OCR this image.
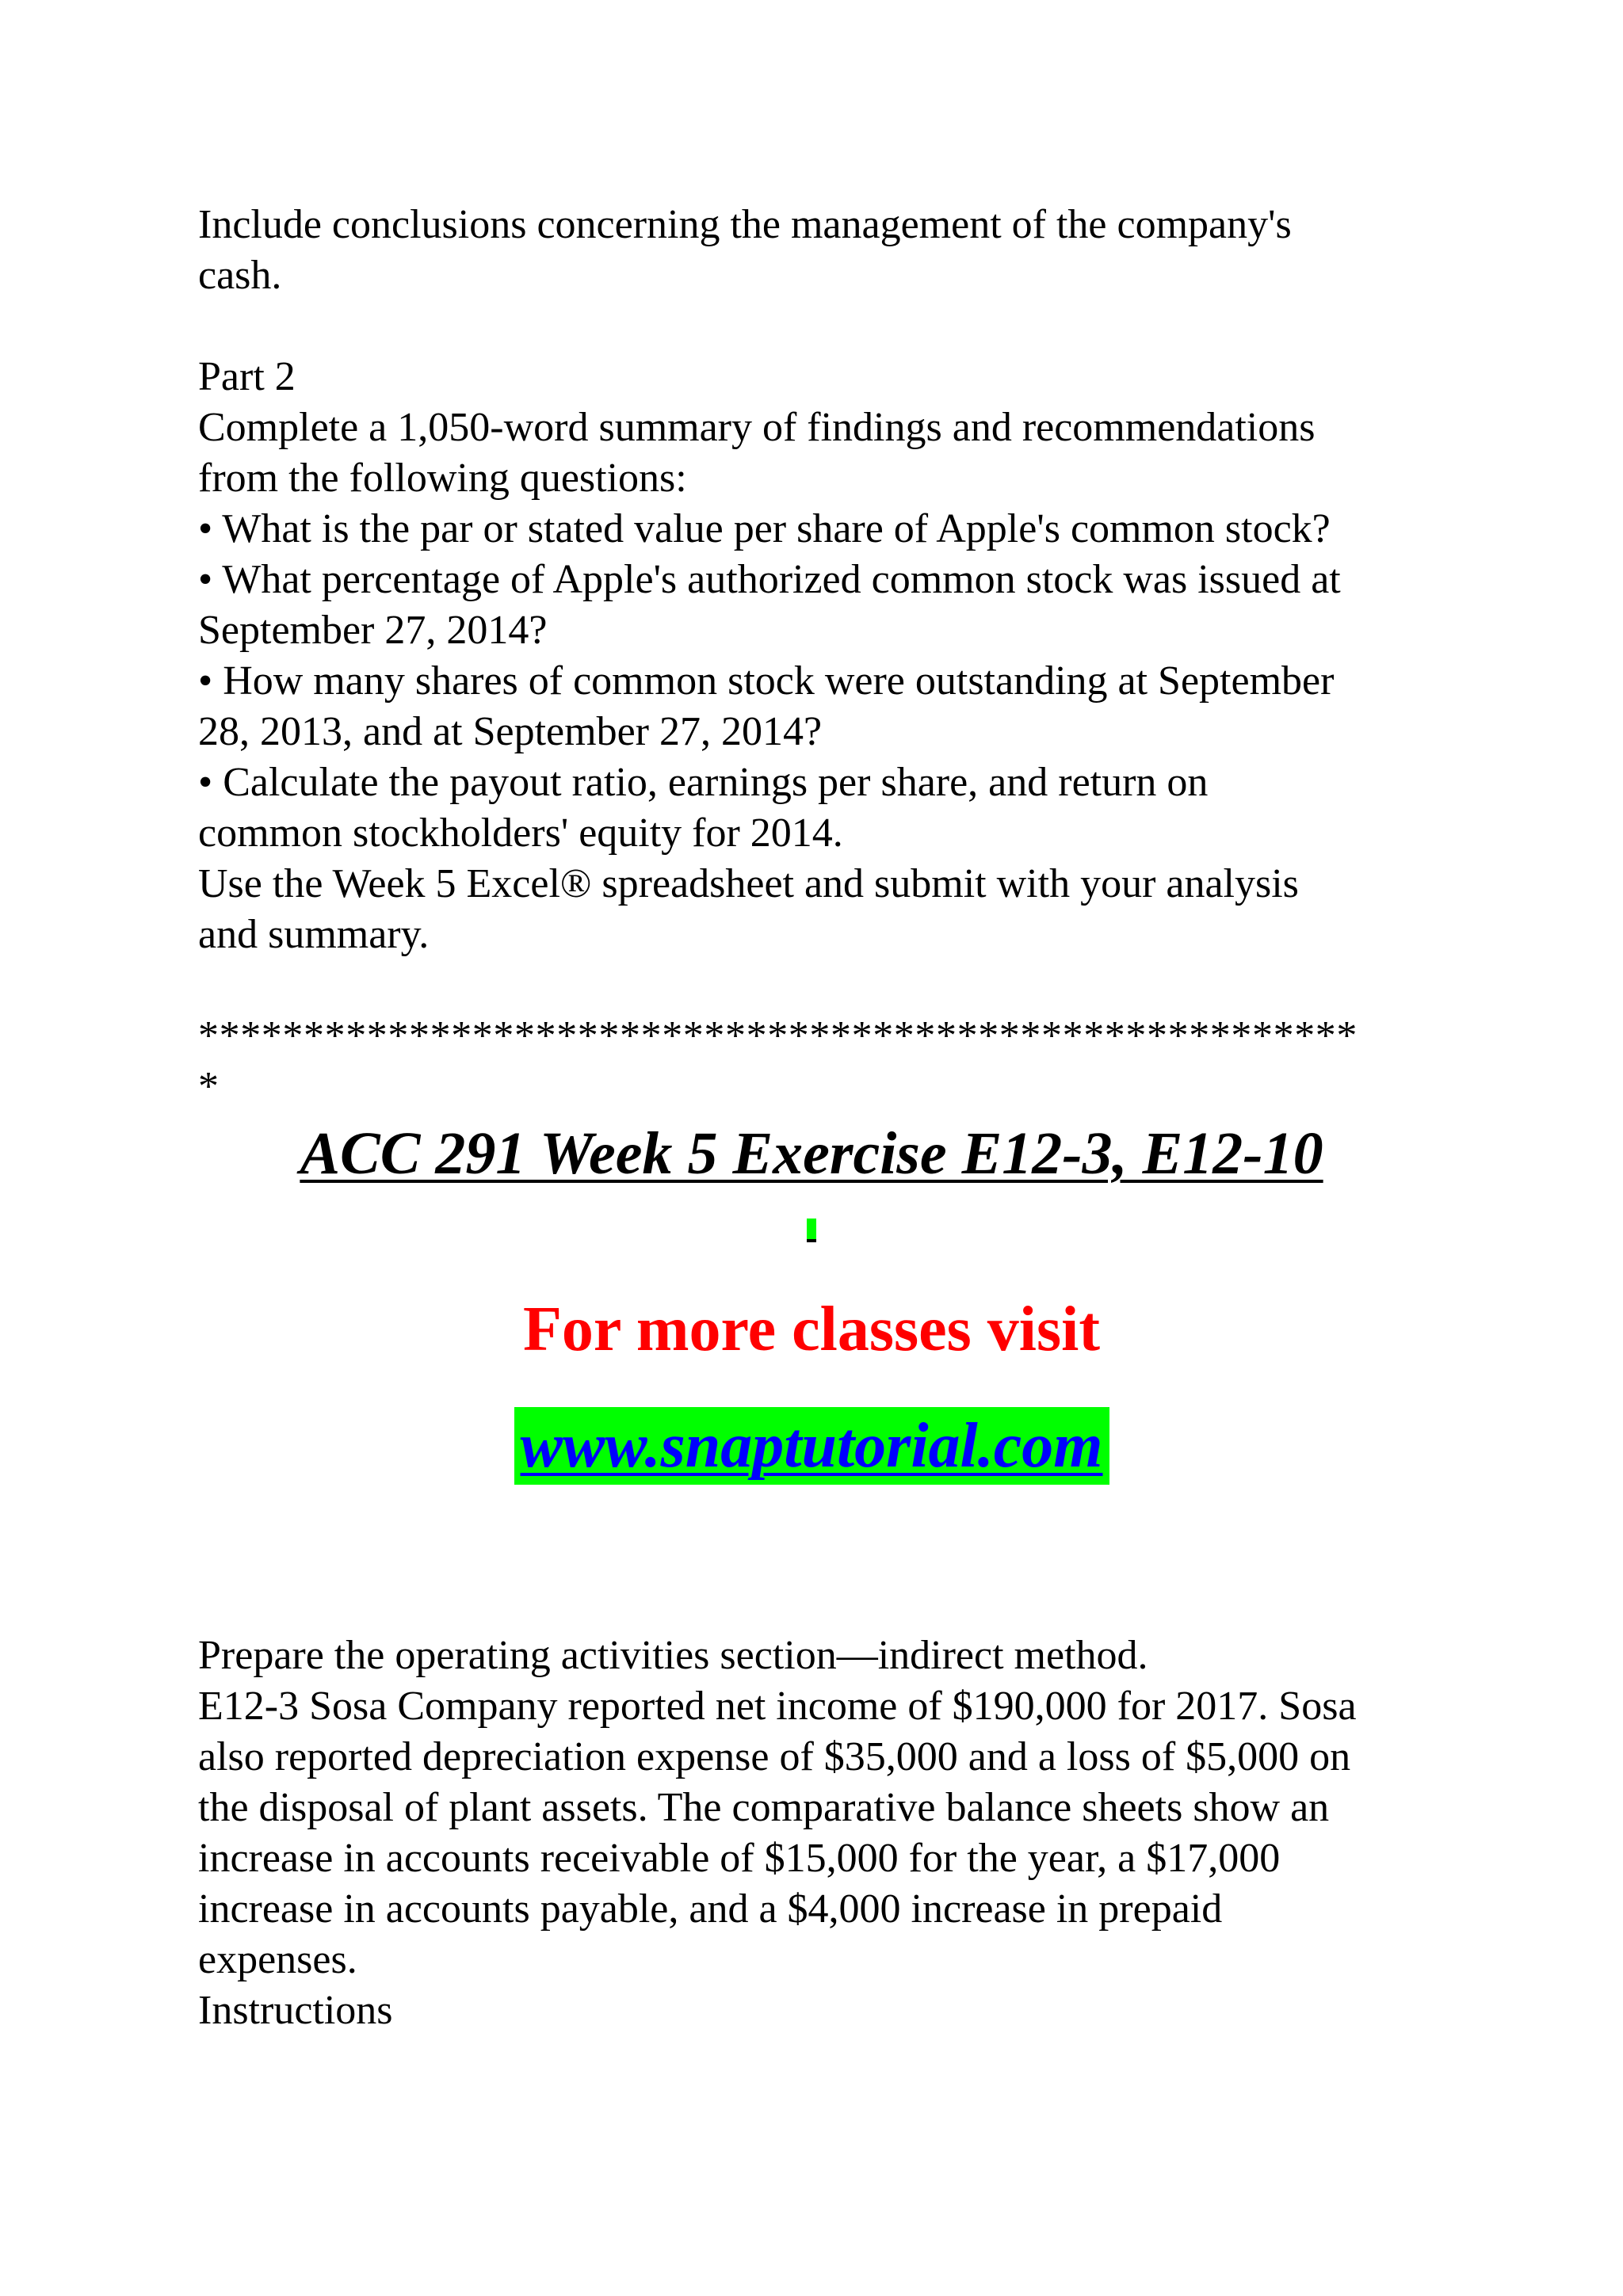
Include conclusions concerning the management of the company's
cash.
Part 2
Complete a 1,050-word summary of findings and recommendations
from the following questions:
• What is the par or stated value per share of Apple's common stock?
• What percentage of Apple's authorized common stock was issued at
September 27, 2014?
• How many shares of common stock were outstanding at September
28, 2013, and at September 27, 2014?
• Calculate the payout ratio, earnings per share, and return on
common stockholders' equity for 2014.
Use the Week 5 Excel® spreadsheet and submit with your analysis
and summary.
*******************************************************
*
ACC 291 Week 5 Exercise E12-3, E12-10
For more classes visit
www.snaptutorial.com
Prepare the operating activities section—indirect method.
E12-3 Sosa Company reported net income of $190,000 for 2017. Sosa
also reported depreciation expense of $35,000 and a loss of $5,000 on
the disposal of plant assets. The comparative balance sheets show an
increase in accounts receivable of $15,000 for the year, a $17,000
increase in accounts payable, and a $4,000 increase in prepaid
expenses.
Instructions
